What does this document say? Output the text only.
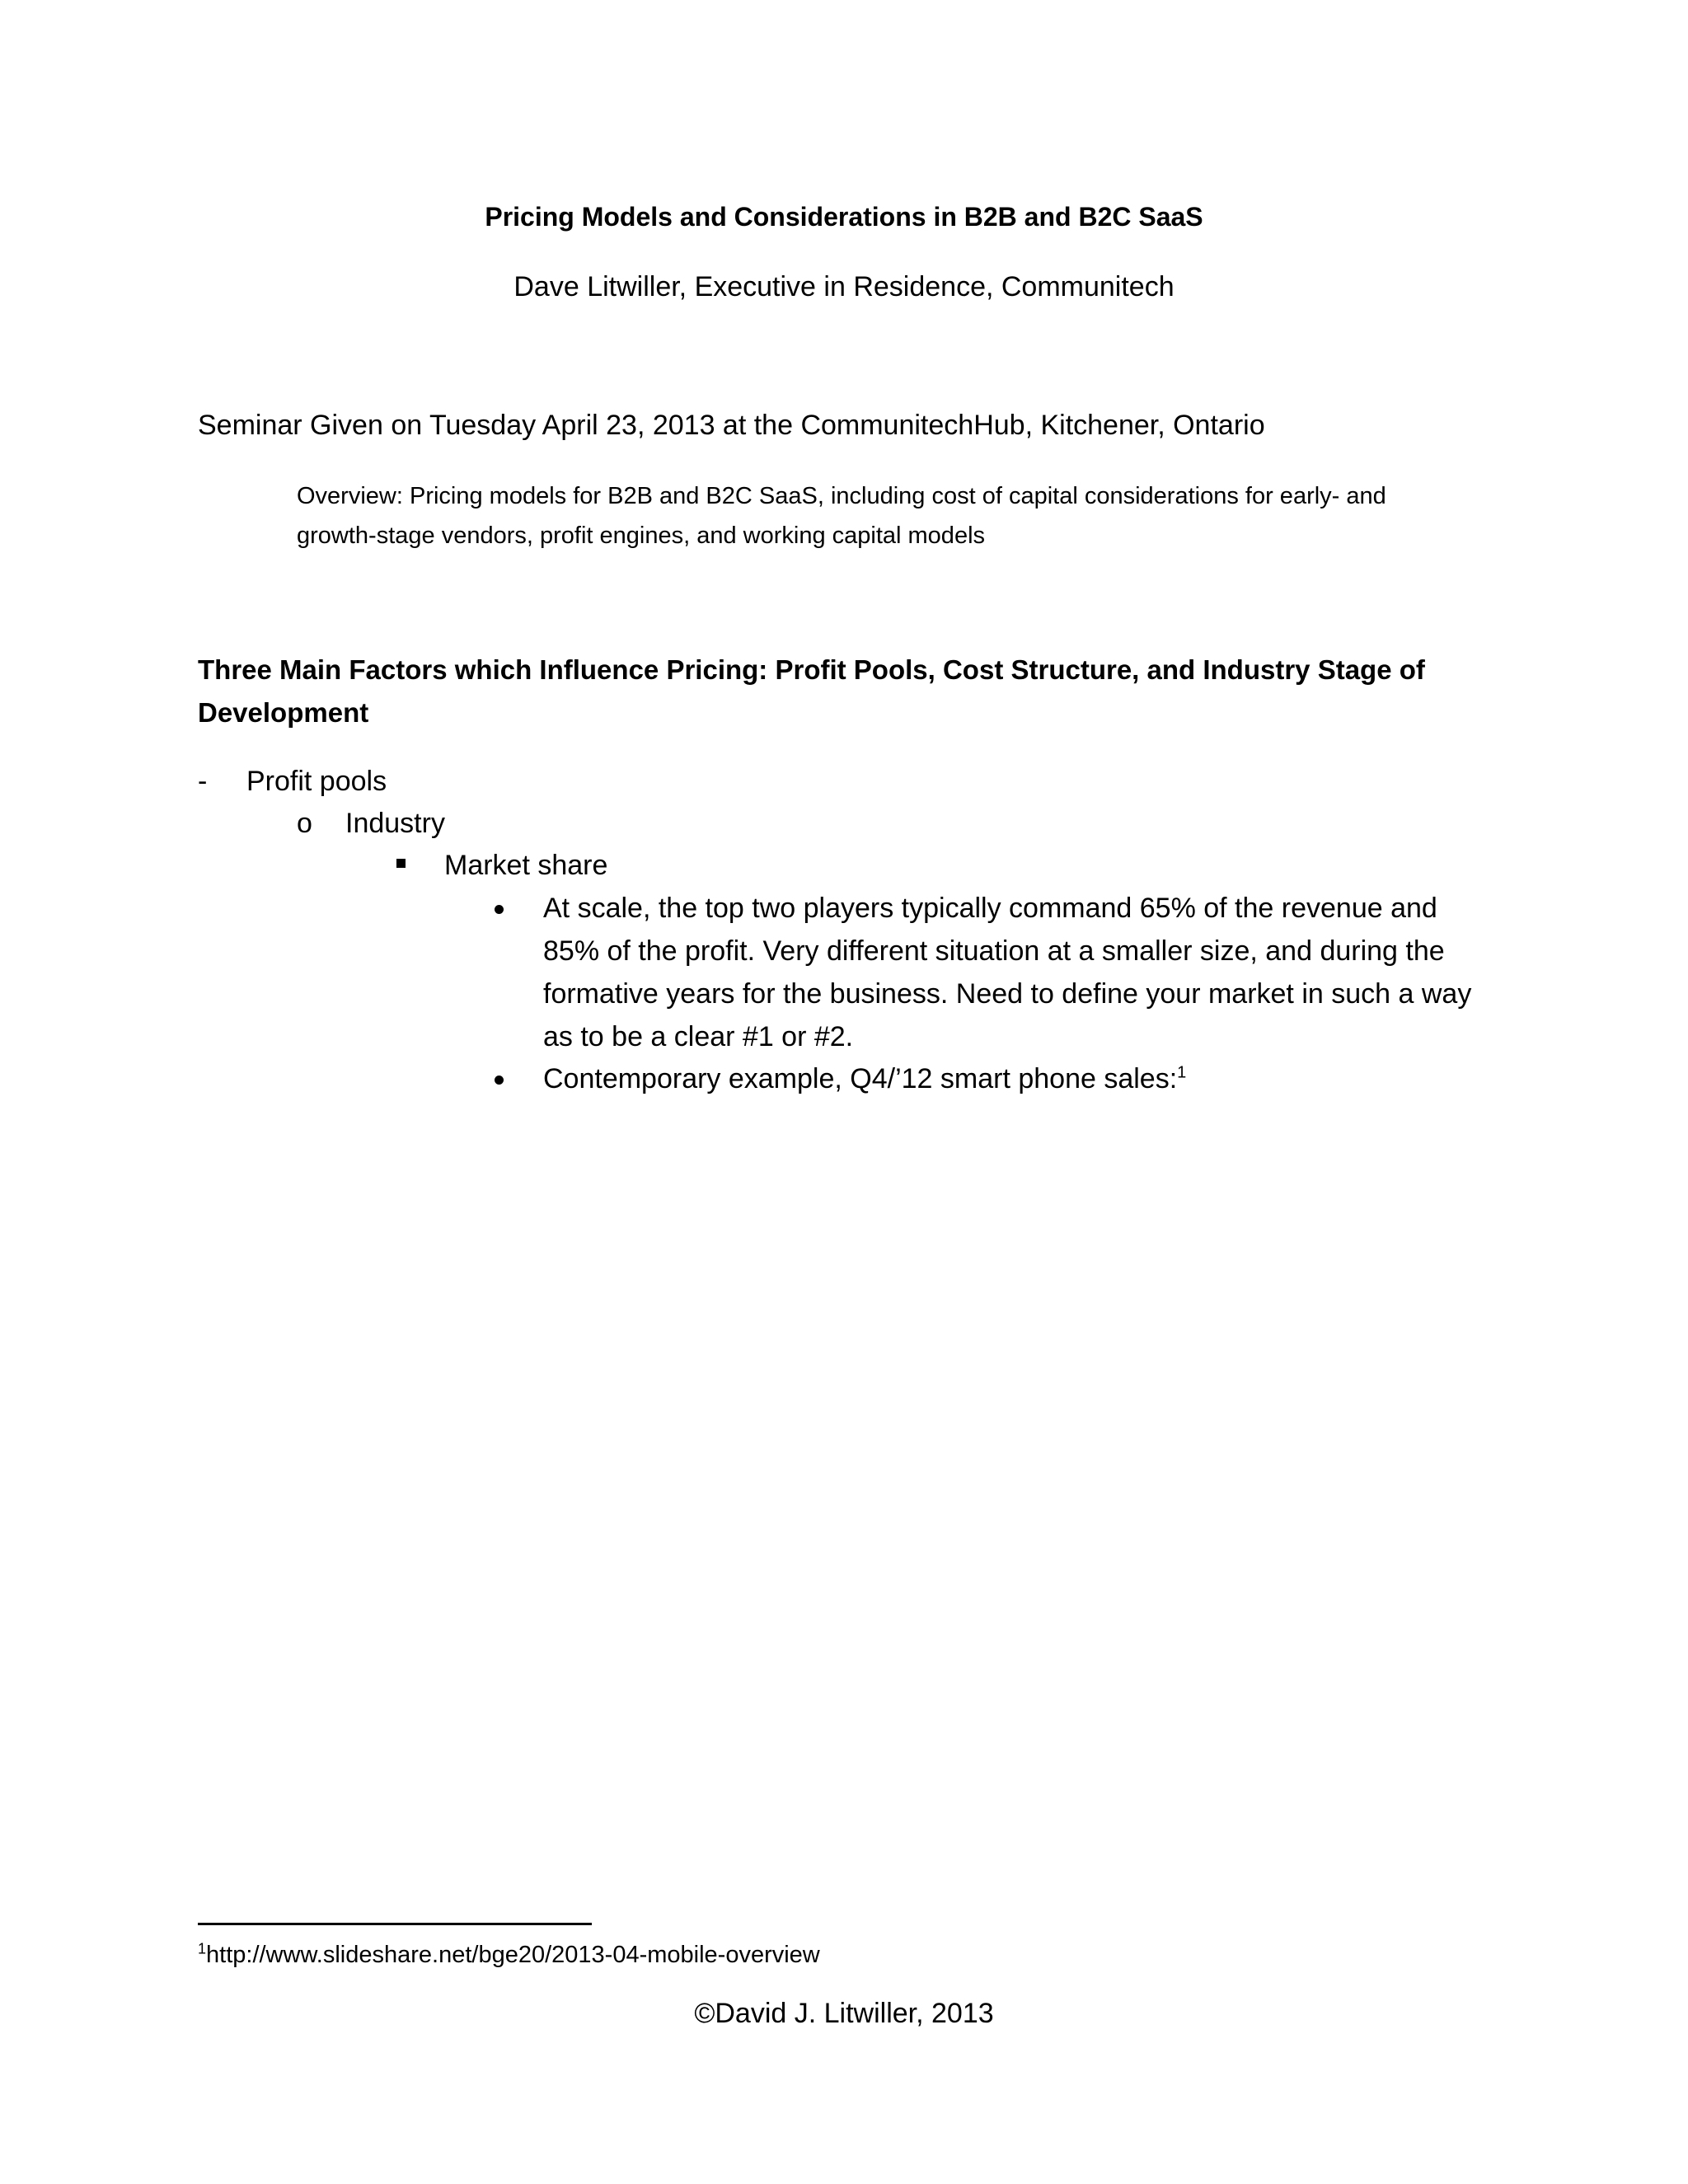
Pricing Models and Considerations in B2B and B2C SaaS
Dave Litwiller, Executive in Residence, Communitech
Seminar Given on Tuesday April 23, 2013 at the CommunitechHub, Kitchener, Ontario
Overview: Pricing models for B2B and B2C SaaS, including cost of capital considerations for early- and growth-stage vendors, profit engines, and working capital models
Three Main Factors which Influence Pricing: Profit Pools, Cost Structure, and Industry Stage of Development
- Profit pools
o Industry
Market share
At scale, the top two players typically command 65% of the revenue and 85% of the profit. Very different situation at a smaller size, and during the formative years for the business. Need to define your market in such a way as to be a clear #1 or #2.
Contemporary example, Q4/’12 smart phone sales:$^1$
$^1$http://www.slideshare.net/bge20/2013-04-mobile-overview
©David J. Litwiller, 2013
